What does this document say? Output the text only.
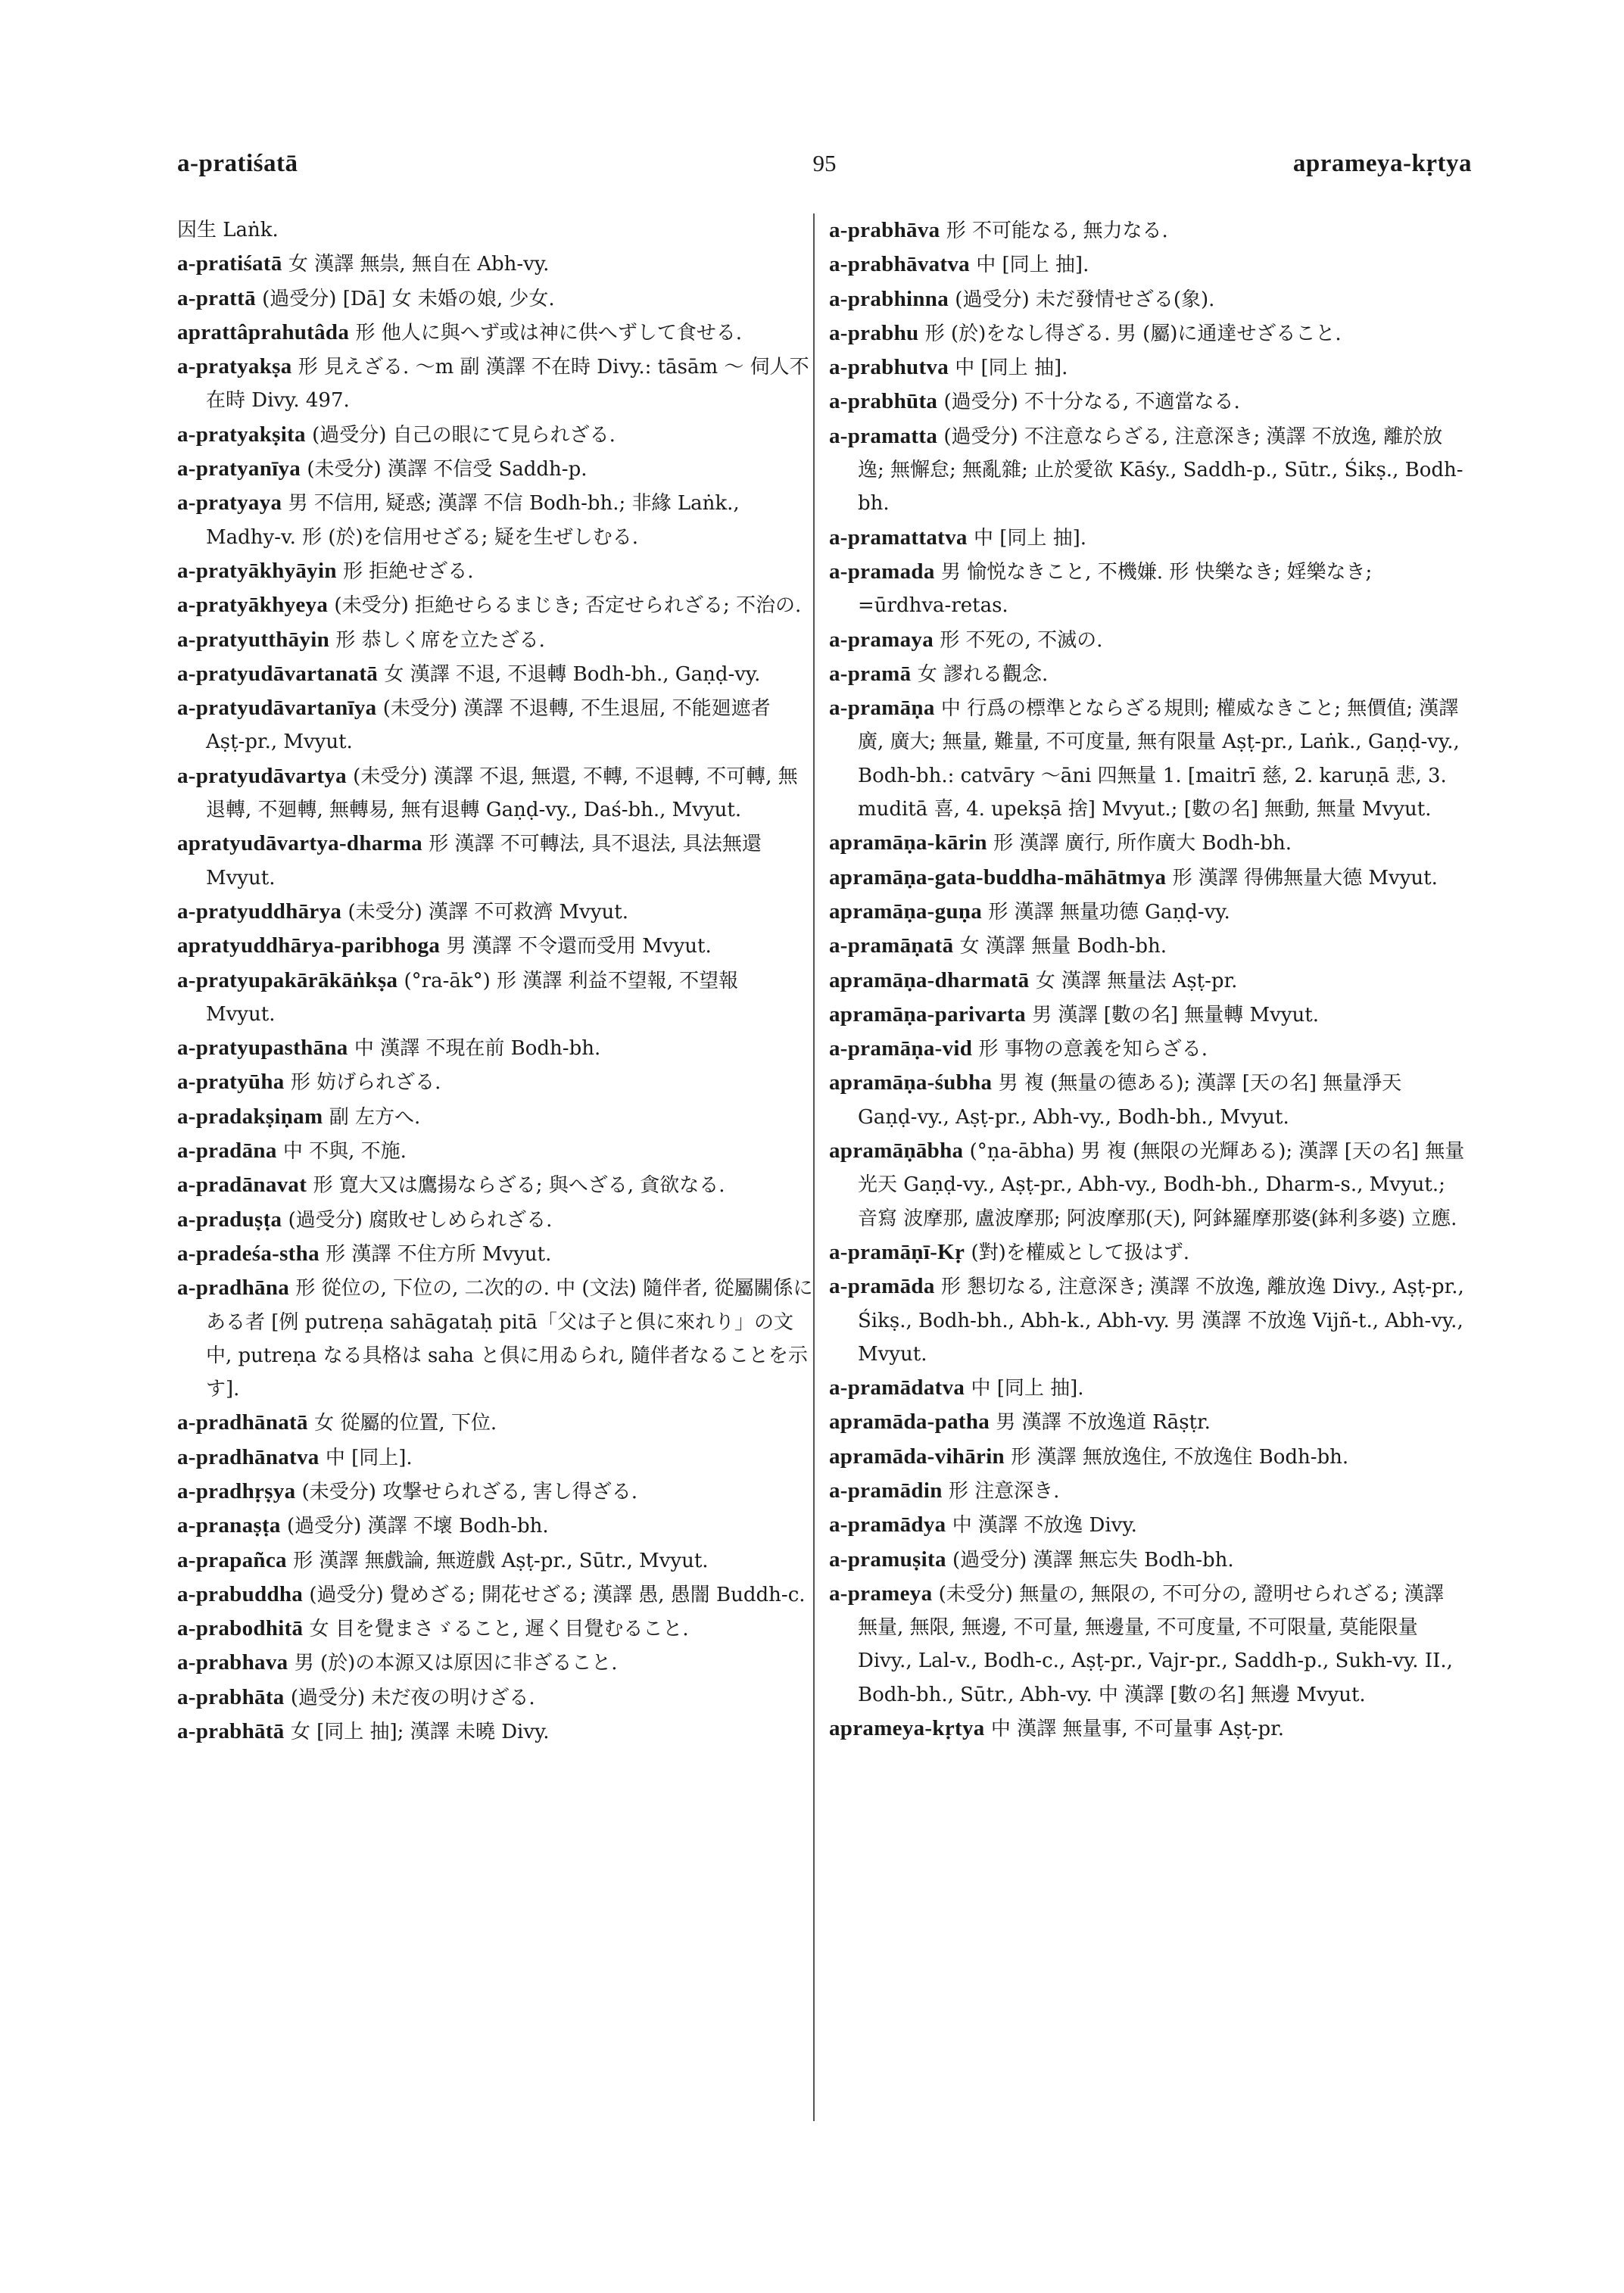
a-pratiśatā	95	aprameya-kṛtya

因生 Laṅk.

a-pratiśatā 女 漢譯 無祟, 無自在 Abh-vy.

a-prattā (過受分) [Dā] 女 未婚の娘, 少女.

aprattâprahutâda 形 他人に與へず或は神に供へずして食せる.

a-pratyakṣa 形 見えざる. 〜m 副 漢譯 不在時 Divy.: tāsām 〜 伺人不在時 Divy. 497.

a-pratyakṣita (過受分) 自己の眼にて見られざる.

a-pratyanīya (未受分) 漢譯 不信受 Saddh-p.

a-pratyaya 男 不信用, 疑惑; 漢譯 不信 Bodh-bh.; 非緣 Laṅk., Madhy-v. 形 (於)を信用せざる; 疑を生ぜしむる.

a-pratyākhyāyin 形 拒絶せざる.

a-pratyākhyeya (未受分) 拒絶せらるまじき; 否定せられざる; 不治の.

a-pratyutthāyin 形 恭しく席を立たざる.

a-pratyudāvartanatā 女 漢譯 不退, 不退轉 Bodh-bh., Gaṇḍ-vy.

a-pratyudāvartanīya (未受分) 漢譯 不退轉, 不生退屈, 不能廻遮者 Aṣṭ-pr., Mvyut.

a-pratyudāvartya (未受分) 漢譯 不退, 無還, 不轉, 不退轉, 不可轉, 無退轉, 不廻轉, 無轉易, 無有退轉 Gaṇḍ-vy., Daś-bh., Mvyut.

apratyudāvartya-dharma 形 漢譯 不可轉法, 具不退法, 具法無還 Mvyut.

a-pratyuddhārya (未受分) 漢譯 不可救濟 Mvyut.

apratyuddhārya-paribhoga 男 漢譯 不令還而受用 Mvyut.

a-pratyupakārākāṅkṣa (°ra-āk°) 形 漢譯 利益不望報, 不望報 Mvyut.

a-pratyupasthāna 中 漢譯 不現在前 Bodh-bh.

a-pratyūha 形 妨げられざる.

a-pradakṣiṇam 副 左方へ.

a-pradāna 中 不與, 不施.

a-pradānavat 形 寛大又は鷹揚ならざる; 與へざる, 貪欲なる.

a-praduṣṭa (過受分) 腐敗せしめられざる.

a-pradeśa-stha 形 漢譯 不住方所 Mvyut.

a-pradhāna 形 從位の, 下位の, 二次的の. 中 (文法) 隨伴者, 從屬關係にある者 [例 putreṇa sahāgataḥ pitā「父は子と俱に來れり」の文中, putreṇa なる具格は saha と俱に用ゐられ, 隨伴者なることを示す].

a-pradhānatā 女 從屬的位置, 下位.

a-pradhānatva 中 [同上].

a-pradhṛṣya (未受分) 攻撃せられざる, 害し得ざる.

a-pranaṣṭa (過受分) 漢譯 不壞 Bodh-bh.

a-prapañca 形 漢譯 無戲論, 無遊戲 Aṣṭ-pr., Sūtr., Mvyut.

a-prabuddha (過受分) 覺めざる; 開花せざる; 漢譯 愚, 愚闇 Buddh-c.

a-prabodhitā 女 目を覺まさゞること, 遲く目覺むること.

a-prabhava 男 (於)の本源又は原因に非ざること.

a-prabhāta (過受分) 未だ夜の明けざる.

a-prabhātā 女 [同上 抽]; 漢譯 未曉 Divy.

a-prabhāva 形 不可能なる, 無力なる.

a-prabhāvatva 中 [同上 抽].

a-prabhinna (過受分) 未だ發情せざる(象).

a-prabhu 形 (於)をなし得ざる. 男 (屬)に通達せざること.

a-prabhutva 中 [同上 抽].

a-prabhūta (過受分) 不十分なる, 不適當なる.

a-pramatta (過受分) 不注意ならざる, 注意深き; 漢譯 不放逸, 離於放逸; 無懈怠; 無亂雜; 止於愛欲 Kāśy., Saddh-p., Sūtr., Śikṣ., Bodh-bh.

a-pramattatva 中 [同上 抽].

a-pramada 男 愉悦なきこと, 不機嫌. 形 快樂なき; 婬樂なき; =ūrdhva-retas.

a-pramaya 形 不死の, 不滅の.

a-pramā 女 謬れる觀念.

a-pramāṇa 中 行爲の標準とならざる規則; 權威なきこと; 無價值; 漢譯 廣, 廣大; 無量, 難量, 不可度量, 無有限量 Aṣṭ-pr., Laṅk., Gaṇḍ-vy., Bodh-bh.: catvāry 〜āni 四無量 1. [maitrī 慈, 2. karuṇā 悲, 3. muditā 喜, 4. upekṣā 捨] Mvyut.; [數の名] 無動, 無量 Mvyut.

apramāṇa-kārin 形 漢譯 廣行, 所作廣大 Bodh-bh.

apramāṇa-gata-buddha-māhātmya 形 漢譯 得佛無量大德 Mvyut.

apramāṇa-guṇa 形 漢譯 無量功德 Gaṇḍ-vy.

a-pramāṇatā 女 漢譯 無量 Bodh-bh.

apramāṇa-dharmatā 女 漢譯 無量法 Aṣṭ-pr.

apramāṇa-parivarta 男 漢譯 [數の名] 無量轉 Mvyut.

a-pramāṇa-vid 形 事物の意義を知らざる.

apramāṇa-śubha 男 複 (無量の德ある); 漢譯 [天の名] 無量淨天 Gaṇḍ-vy., Aṣṭ-pr., Abh-vy., Bodh-bh., Mvyut.

apramāṇābha (°ṇa-ābha) 男 複 (無限の光輝ある); 漢譯 [天の名] 無量光天 Gaṇḍ-vy., Aṣṭ-pr., Abh-vy., Bodh-bh., Dharm-s., Mvyut.; 音寫 波摩那, 盧波摩那; 阿波摩那(天), 阿鉢羅摩那婆(鉢利多婆) 立應.

a-pramāṇī-Kṛ (對)を權威として扱はず.

a-pramāda 形 懇切なる, 注意深き; 漢譯 不放逸, 離放逸 Divy., Aṣṭ-pr., Śikṣ., Bodh-bh., Abh-k., Abh-vy. 男 漢譯 不放逸 Vijñ-t., Abh-vy., Mvyut.

a-pramādatva 中 [同上 抽].

apramāda-patha 男 漢譯 不放逸道 Rāṣṭr.

apramāda-vihārin 形 漢譯 無放逸住, 不放逸住 Bodh-bh.

a-pramādin 形 注意深き.

a-pramādya 中 漢譯 不放逸 Divy.

a-pramuṣita (過受分) 漢譯 無忘失 Bodh-bh.

a-prameya (未受分) 無量の, 無限の, 不可分の, 證明せられざる; 漢譯 無量, 無限, 無邊, 不可量, 無邊量, 不可度量, 不可限量, 莫能限量 Divy., Lal-v., Bodh-c., Aṣṭ-pr., Vajr-pr., Saddh-p., Sukh-vy. II., Bodh-bh., Sūtr., Abh-vy. 中 漢譯 [數の名] 無邊 Mvyut.

aprameya-kṛtya 中 漢譯 無量事, 不可量事 Aṣṭ-pr.
